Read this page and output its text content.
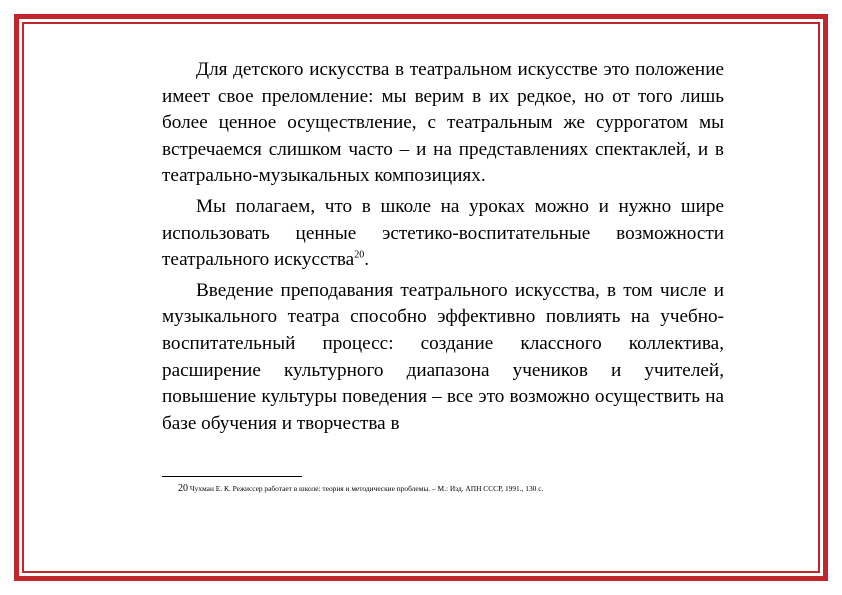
Для детского искусства в театральном искусстве это положение имеет свое преломление: мы верим в их редкое, но от того лишь более ценное осуществление, с театральным же суррогатом мы встречаемся слишком часто – и на представлениях спектаклей, и в театрально-музыкальных композициях.

Мы полагаем, что в школе на уроках можно и нужно шире использовать ценные эстетико-воспитательные возможности театрального искусства$^{20}$.

Введение преподавания театрального искусства, в том числе и музыкального театра способно эффективно повлиять на учебно-воспитательный процесс: создание классного коллектива, расширение культурного диапазона учеников и учителей, повышение культуры поведения – все это возможно осуществить на базе обучения и творчества в

20 Чухман Е. К. Режиссер работает в школе: теория и методические проблемы. – М.: Изд. АПН СССР, 1991., 130 с.
